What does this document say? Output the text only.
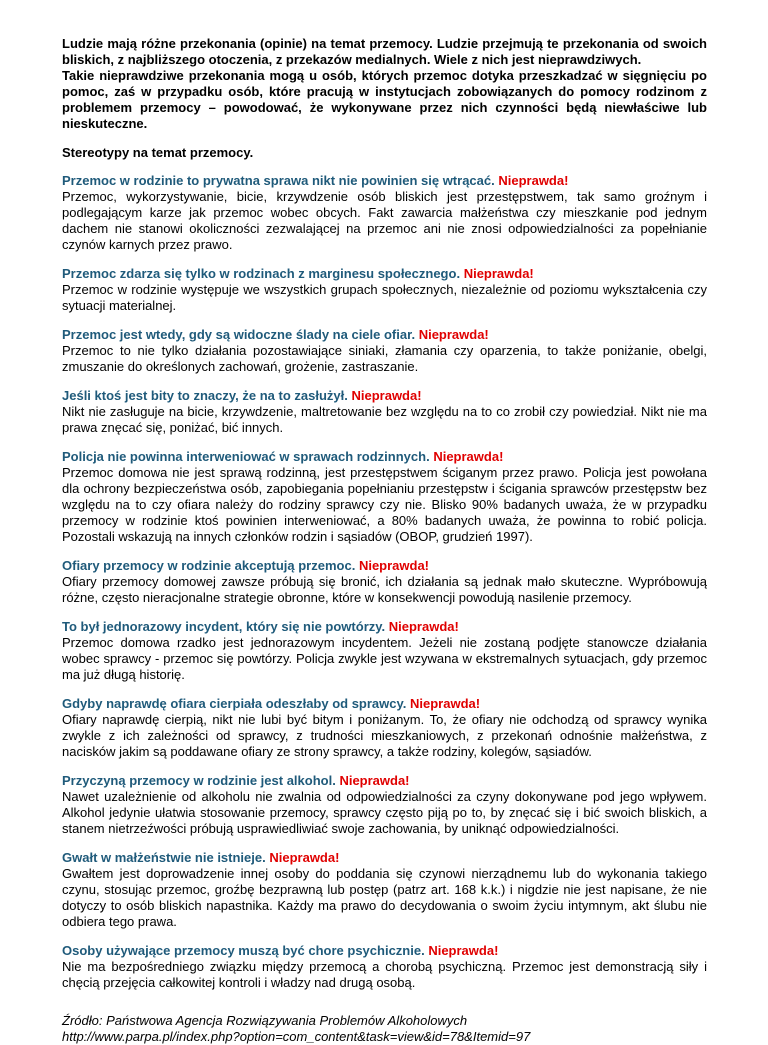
Ludzie mają różne przekonania (opinie) na temat przemocy. Ludzie przejmują te przekonania od swoich bliskich, z najbliższego otoczenia, z przekazów medialnych. Wiele z nich jest nieprawdziwych.

Takie nieprawdziwe przekonania mogą u osób, których przemoc dotyka przeszkadzać w sięgnięciu po pomoc, zaś w przypadku osób, które pracują w instytucjach zobowiązanych do pomocy rodzinom z problemem przemocy – powodować, że wykonywane przez nich czynności będą niewłaściwe lub nieskuteczne.

Stereotypy na temat przemocy.

Przemoc w rodzinie to prywatna sprawa nikt nie powinien się wtrącać. Nieprawda!

Przemoc, wykorzystywanie, bicie, krzywdzenie osób bliskich jest przestępstwem, tak samo groźnym i podlegającym karze jak przemoc wobec obcych. Fakt zawarcia małżeństwa czy mieszkanie pod jednym dachem nie stanowi okoliczności zezwalającej na przemoc ani nie znosi odpowiedzialności za popełnianie czynów karnych przez prawo.

Przemoc zdarza się tylko w rodzinach z marginesu społecznego. Nieprawda!

Przemoc w rodzinie występuje we wszystkich grupach społecznych, niezależnie od poziomu wykształcenia czy sytuacji materialnej.

Przemoc jest wtedy, gdy są widoczne ślady na ciele ofiar. Nieprawda!

Przemoc to nie tylko działania pozostawiające siniaki, złamania czy oparzenia, to także poniżanie, obelgi, zmuszanie do określonych zachowań, grożenie, zastraszanie.

Jeśli ktoś jest bity to znaczy, że na to zasłużył. Nieprawda!

Nikt nie zasługuje na bicie, krzywdzenie, maltretowanie bez względu na to co zrobił czy powiedział. Nikt nie ma prawa znęcać się, poniżać, bić innych.

Policja nie powinna interweniować w sprawach rodzinnych. Nieprawda!

Przemoc domowa nie jest sprawą rodzinną, jest przestępstwem ściganym przez prawo. Policja jest powołana dla ochrony bezpieczeństwa osób, zapobiegania popełnianiu przestępstw i ścigania sprawców przestępstw bez względu na to czy ofiara należy do rodziny sprawcy czy nie. Blisko 90% badanych uważa, że w przypadku przemocy w rodzinie ktoś powinien interweniować, a 80% badanych uważa, że powinna to robić policja. Pozostali wskazują na innych członków rodzin i sąsiadów (OBOP, grudzień 1997).

Ofiary przemocy w rodzinie akceptują przemoc. Nieprawda!

Ofiary przemocy domowej zawsze próbują się bronić, ich działania są jednak mało skuteczne. Wypróbowują różne, często nieracjonalne strategie obronne, które w konsekwencji powodują nasilenie przemocy.

To był jednorazowy incydent, który się nie powtórzy. Nieprawda!

Przemoc domowa rzadko jest jednorazowym incydentem. Jeżeli nie zostaną podjęte stanowcze działania wobec sprawcy - przemoc się powtórzy. Policja zwykle jest wzywana w ekstremalnych sytuacjach, gdy przemoc ma już długą historię.

Gdyby naprawdę ofiara cierpiała odeszłaby od sprawcy. Nieprawda!

Ofiary naprawdę cierpią, nikt nie lubi być bitym i poniżanym. To, że ofiary nie odchodzą od sprawcy wynika zwykle z ich zależności od sprawcy, z trudności mieszkaniowych, z przekonań odnośnie małżeństwa, z nacisków jakim są poddawane ofiary ze strony sprawcy, a także rodziny, kolegów, sąsiadów.

Przyczyną przemocy w rodzinie jest alkohol. Nieprawda!

Nawet uzależnienie od alkoholu nie zwalnia od odpowiedzialności za czyny dokonywane pod jego wpływem. Alkohol jedynie ułatwia stosowanie przemocy, sprawcy często piją po to, by znęcać się i bić swoich bliskich, a stanem nietrzeźwości próbują usprawiedliwiać swoje zachowania, by uniknąć odpowiedzialności.

Gwałt w małżeństwie nie istnieje. Nieprawda!

Gwałtem jest doprowadzenie innej osoby do poddania się czynowi nierządnemu lub do wykonania takiego czynu, stosując przemoc, groźbę bezprawną lub postęp (patrz art. 168 k.k.) i nigdzie nie jest napisane, że nie dotyczy to osób bliskich napastnika. Każdy ma prawo do decydowania o swoim życiu intymnym, akt ślubu nie odbiera tego prawa.

Osoby używające przemocy muszą być chore psychicznie. Nieprawda!

Nie ma bezpośredniego związku między przemocą a chorobą psychiczną. Przemoc jest demonstracją siły i chęcią przejęcia całkowitej kontroli i władzy nad drugą osobą.

Źródło: Państwowa Agencja Rozwiązywania Problemów Alkoholowych

http://www.parpa.pl/index.php?option=com_content&task=view&id=78&Itemid=97
